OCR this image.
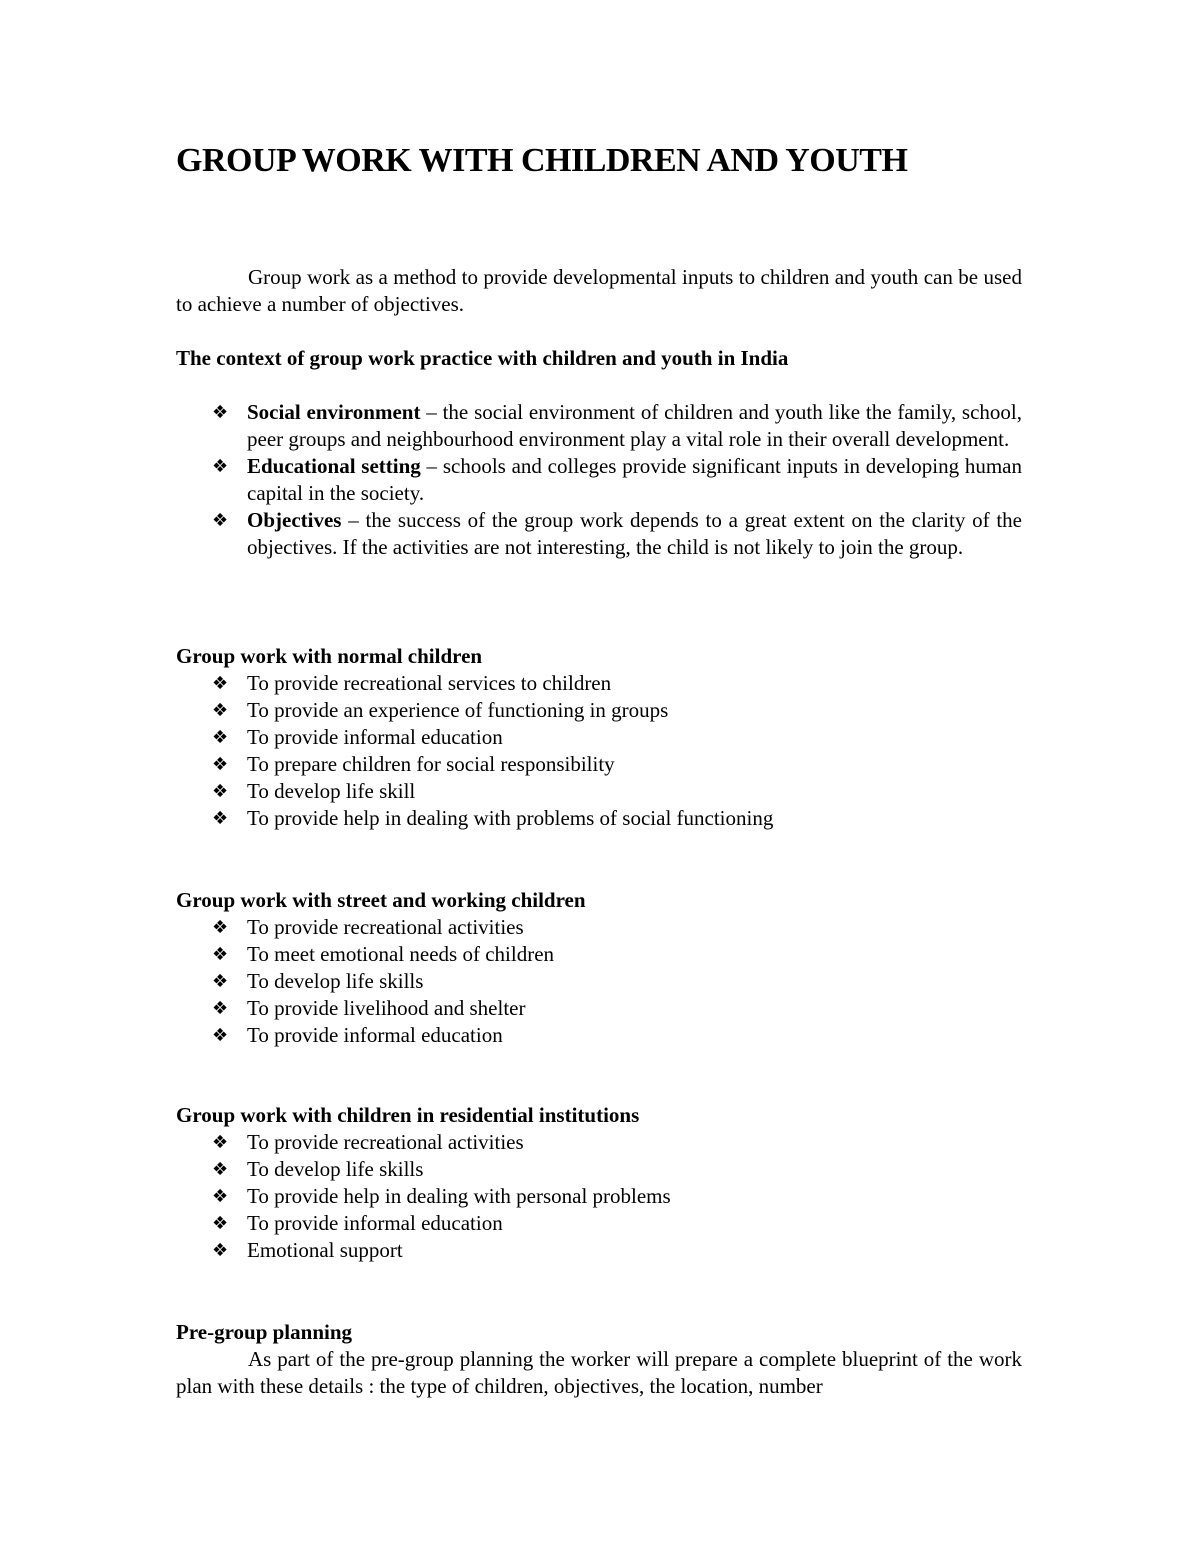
GROUP WORK WITH CHILDREN AND YOUTH

Group work as a method to provide developmental inputs to children and youth can be used to achieve a number of objectives.

The context of group work practice with children and youth in India

❖ Social environment – the social environment of children and youth like the family, school, peer groups and neighbourhood environment play a vital role in their overall development.
❖ Educational setting – schools and colleges provide significant inputs in developing human capital in the society.
❖ Objectives – the success of the group work depends to a great extent on the clarity of the objectives. If the activities are not interesting, the child is not likely to join the group.

Group work with normal children

❖ To provide recreational services to children
❖ To provide an experience of functioning in groups
❖ To provide informal education
❖ To prepare children for social responsibility
❖ To develop life skill
❖ To provide help in dealing with problems of social functioning

Group work with street and working children

❖ To provide recreational activities
❖ To meet emotional needs of children
❖ To develop life skills
❖ To provide livelihood and shelter
❖ To provide informal education

Group work with children in residential institutions

❖ To provide recreational activities
❖ To develop life skills
❖ To provide help in dealing with personal problems
❖ To provide informal education
❖ Emotional support

Pre-group planning

As part of the pre-group planning the worker will prepare a complete blueprint of the work plan with these details : the type of children, objectives, the location, number
